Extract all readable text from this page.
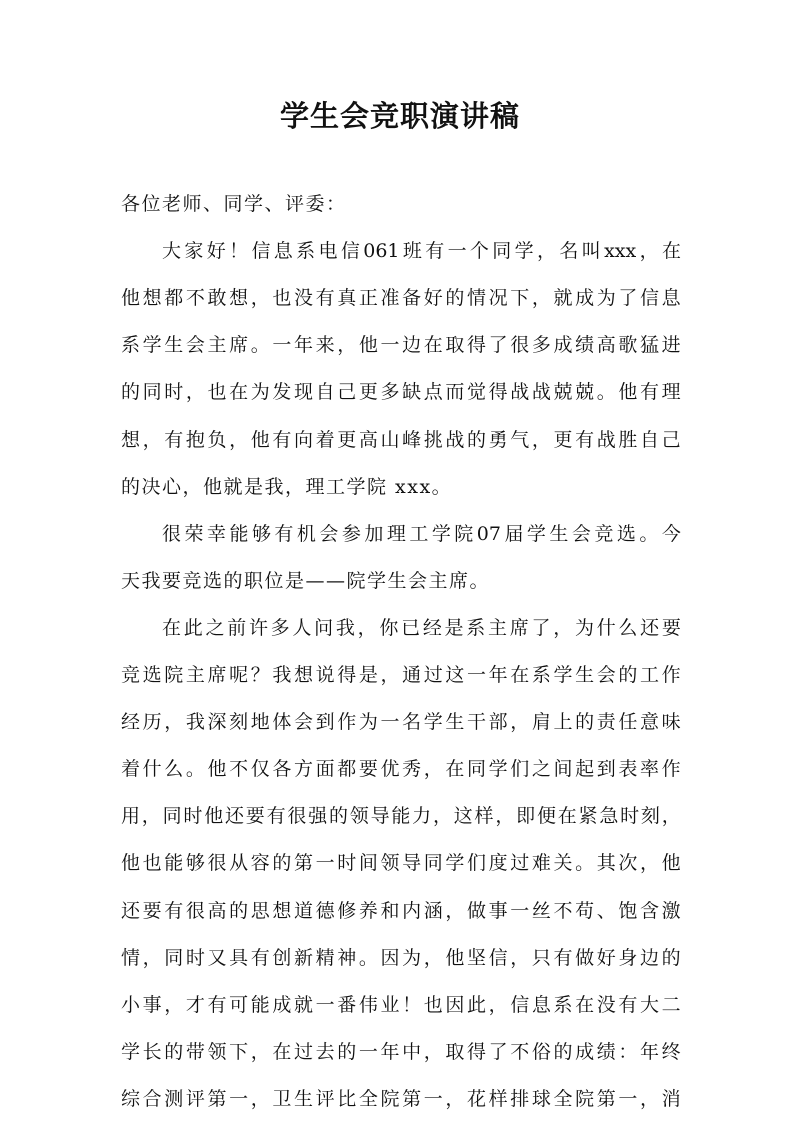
学生会竞职演讲稿
各位老师、同学、评委：
大 家 好 ！ 信 息 系 电 信 061 班 有 一 个 同 学 ， 名 叫 xxx ， 在
他 想 都 不 敢 想 ， 也 没 有 真 正 准 备 好 的 情 况 下 ， 就 成 为 了 信 息
系 学 生 会 主 席 。 一 年 来 ， 他 一 边 在 取 得 了 很 多 成 绩 高 歌 猛 进
的 同 时 ， 也 在 为 发 现 自 己 更 多 缺 点 而 觉 得 战 战 兢 兢 。 他 有 理
想 ， 有 抱 负 ， 他 有 向 着 更 高 山 峰 挑 战 的 勇 气 ， 更 有 战 胜 自 己
的决心，他就是我，理工学院 xxx。
很 荣 幸 能 够 有 机 会 参 加 理 工 学 院 07 届 学 生 会 竞 选 。 今
天我要竞选的职位是——院学生会主席。
在 此 之 前 许 多 人 问 我 ， 你 已 经 是 系 主 席 了 ， 为 什 么 还 要
竞 选 院 主 席 呢 ？ 我 想 说 得 是 ， 通 过 这 一 年 在 系 学 生 会 的 工 作
经 历 ， 我 深 刻 地 体 会 到 作 为 一 名 学 生 干 部 ， 肩 上 的 责 任 意 味
着 什 么 。 他 不 仅 各 方 面 都 要 优 秀 ， 在 同 学 们 之 间 起 到 表 率 作
用 ， 同 时 他 还 要 有 很 强 的 领 导 能 力 ， 这 样 ， 即 便 在 紧 急 时 刻 ，
他 也 能 够 很 从 容 的 第 一 时 间 领 导 同 学 们 度 过 难 关 。 其 次 ， 他
还 要 有 很 高 的 思 想 道 德 修 养 和 内 涵 ， 做 事 一 丝 不 苟 、 饱 含 激
情 ， 同 时 又 具 有 创 新 精 神 。 因 为 ， 他 坚 信 ， 只 有 做 好 身 边 的
小 事 ， 才 有 可 能 成 就 一 番 伟 业 ！ 也 因 此 ， 信 息 系 在 没 有 大 二
学 长 的 带 领 下 ， 在 过 去 的 一 年 中 ， 取 得 了 不 俗 的 成 绩 ： 年 终
综 合 测 评 第 一 ， 卫 生 评 比 全 院 第 一 ， 花 样 排 球 全 院 第 一 ， 消
